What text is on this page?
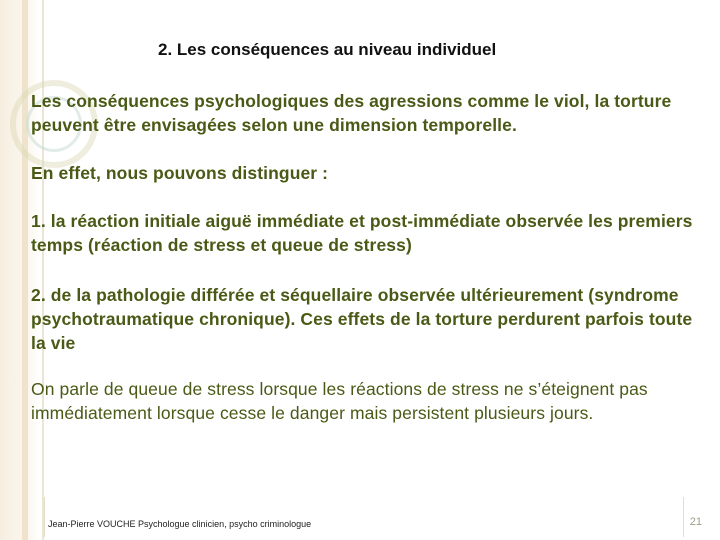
2. Les conséquences au niveau individuel
Les conséquences psychologiques des agressions comme le viol, la torture peuvent être envisagées selon une dimension temporelle.
En effet, nous pouvons distinguer :
1. la réaction initiale aiguë immédiate et post-immédiate observée les premiers temps (réaction de stress et queue de stress)
2. de la pathologie différée et séquellaire observée ultérieurement (syndrome psychotraumatique chronique). Ces effets de la torture perdurent parfois toute la vie
On parle de queue de stress lorsque les réactions de stress ne s’éteignent pas immédiatement lorsque cesse le danger mais persistent plusieurs jours.
Jean-Pierre VOUCHE Psychologue clinicien, psycho criminologue	21
